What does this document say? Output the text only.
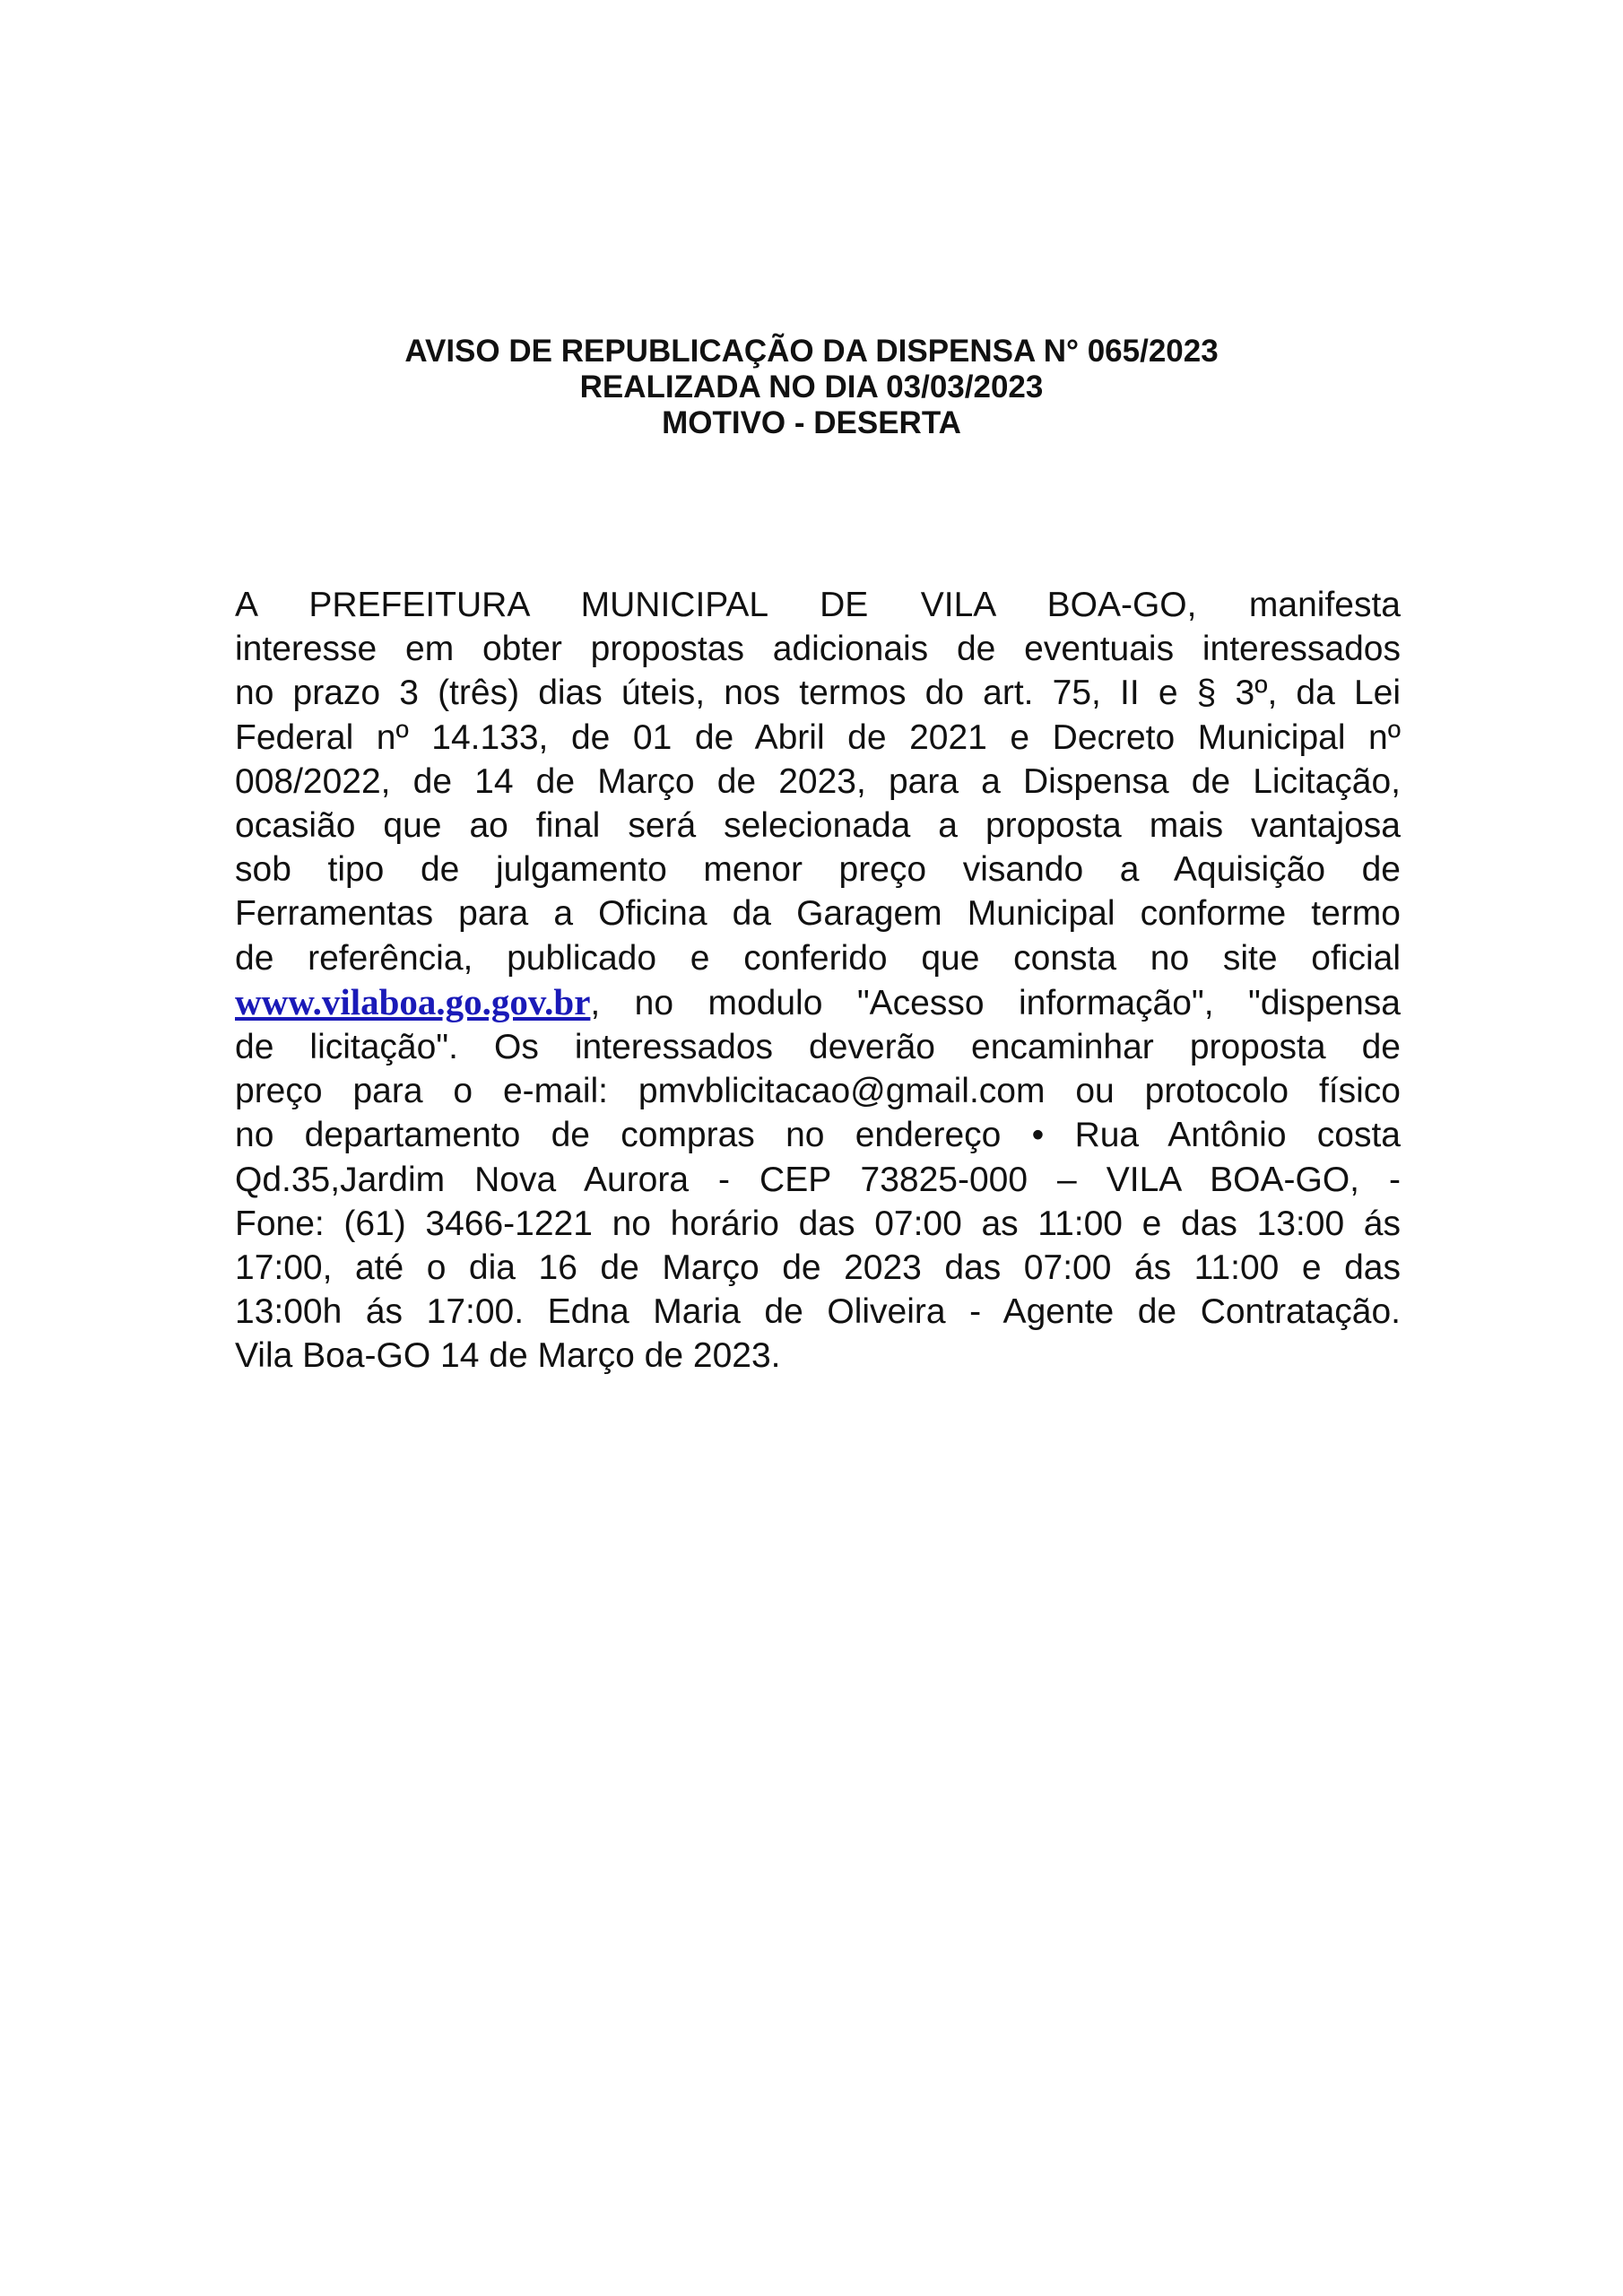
AVISO DE REPUBLICAÇÃO DA DISPENSA N° 065/2023
REALIZADA NO DIA 03/03/2023
MOTIVO - DESERTA
A PREFEITURA MUNICIPAL DE VILA BOA-GO, manifesta
interesse em obter propostas adicionais de eventuais interessados
no prazo 3 (três) dias úteis, nos termos do art. 75, II e § 3º, da Lei
Federal nº 14.133, de 01 de Abril de 2021 e Decreto Municipal nº
008/2022, de 14 de Março de 2023, para a Dispensa de Licitação,
ocasião que ao final será selecionada a proposta mais vantajosa
sob tipo de julgamento menor preço visando a Aquisição de
Ferramentas para a Oficina da Garagem Municipal conforme termo
de referência, publicado e conferido que consta no site oficial
www.vilaboa.go.gov.br, no modulo "Acesso informação", "dispensa
de licitação". Os interessados deverão encaminhar proposta de
preço para o e-mail: pmvblicitacao@gmail.com ou protocolo físico
no departamento de compras no endereço • Rua Antônio costa
Qd.35,Jardim Nova Aurora - CEP 73825-000 – VILA BOA-GO, -
Fone: (61) 3466-1221 no horário das 07:00 as 11:00 e das 13:00 ás
17:00, até o dia 16 de Março de 2023 das 07:00 ás 11:00 e das
13:00h ás 17:00. Edna Maria de Oliveira - Agente de Contratação.
Vila Boa-GO 14 de Março de 2023.
